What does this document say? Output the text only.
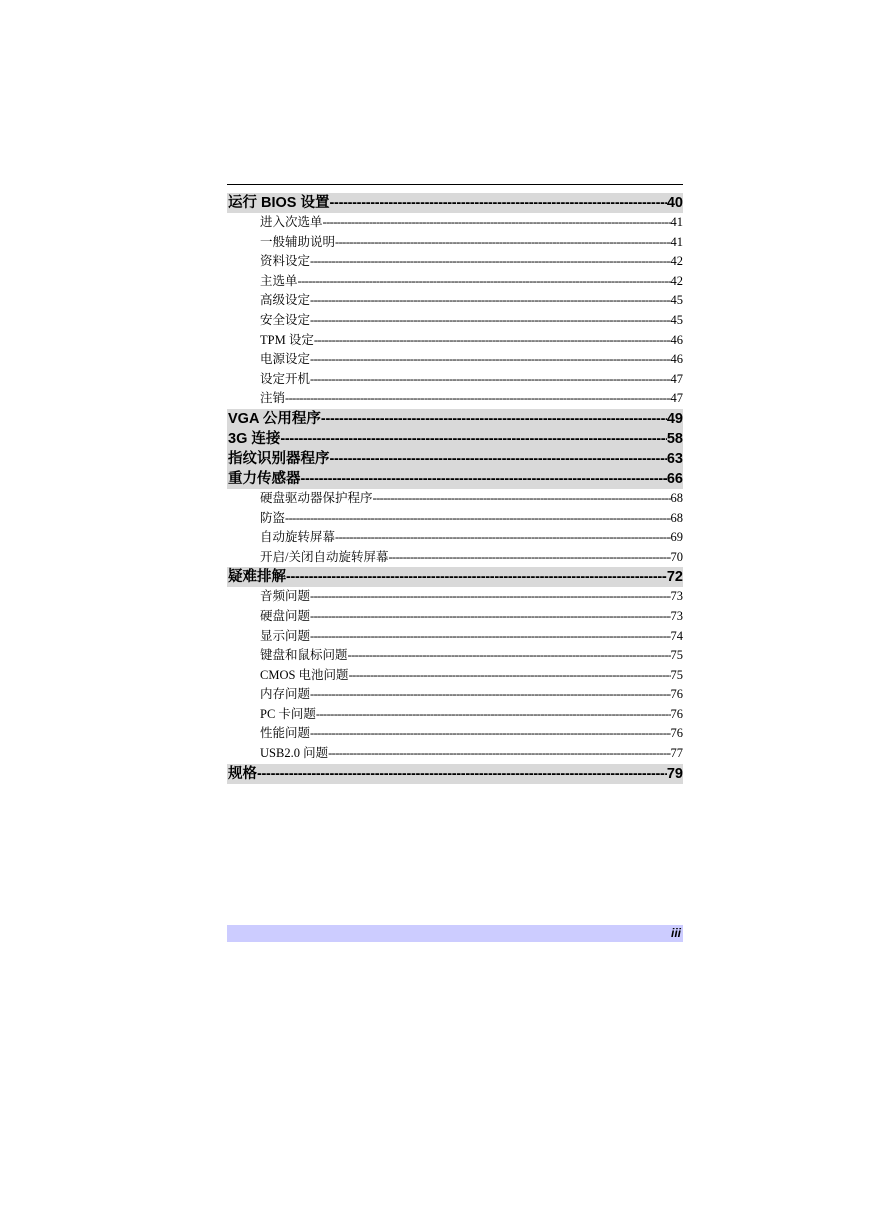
运行 BIOS 设置 -----	40
进入次选单 -----	41
一般辅助说明 -----	41
资料设定 -----	42
主选单 -----	42
高级设定 -----	45
安全设定 -----	45
TPM 设定 -----	46
电源设定 -----	46
设定开机 -----	47
注销 -----	47
VGA 公用程序 -----	49
3G 连接 -----	58
指纹识别器程序 -----	63
重力传感器 -----	66
硬盘驱动器保护程序 -----	68
防盗 -----	68
自动旋转屏幕 -----	69
开启/关闭自动旋转屏幕 -----	70
疑难排解 -----	72
音频问题 -----	73
硬盘问题 -----	73
显示问题 -----	74
键盘和鼠标问题 -----	75
CMOS 电池问题 -----	75
内存问题 -----	76
PC 卡问题 -----	76
性能问题 -----	76
USB2.0 问题 -----	77
规格 -----	79
iii
